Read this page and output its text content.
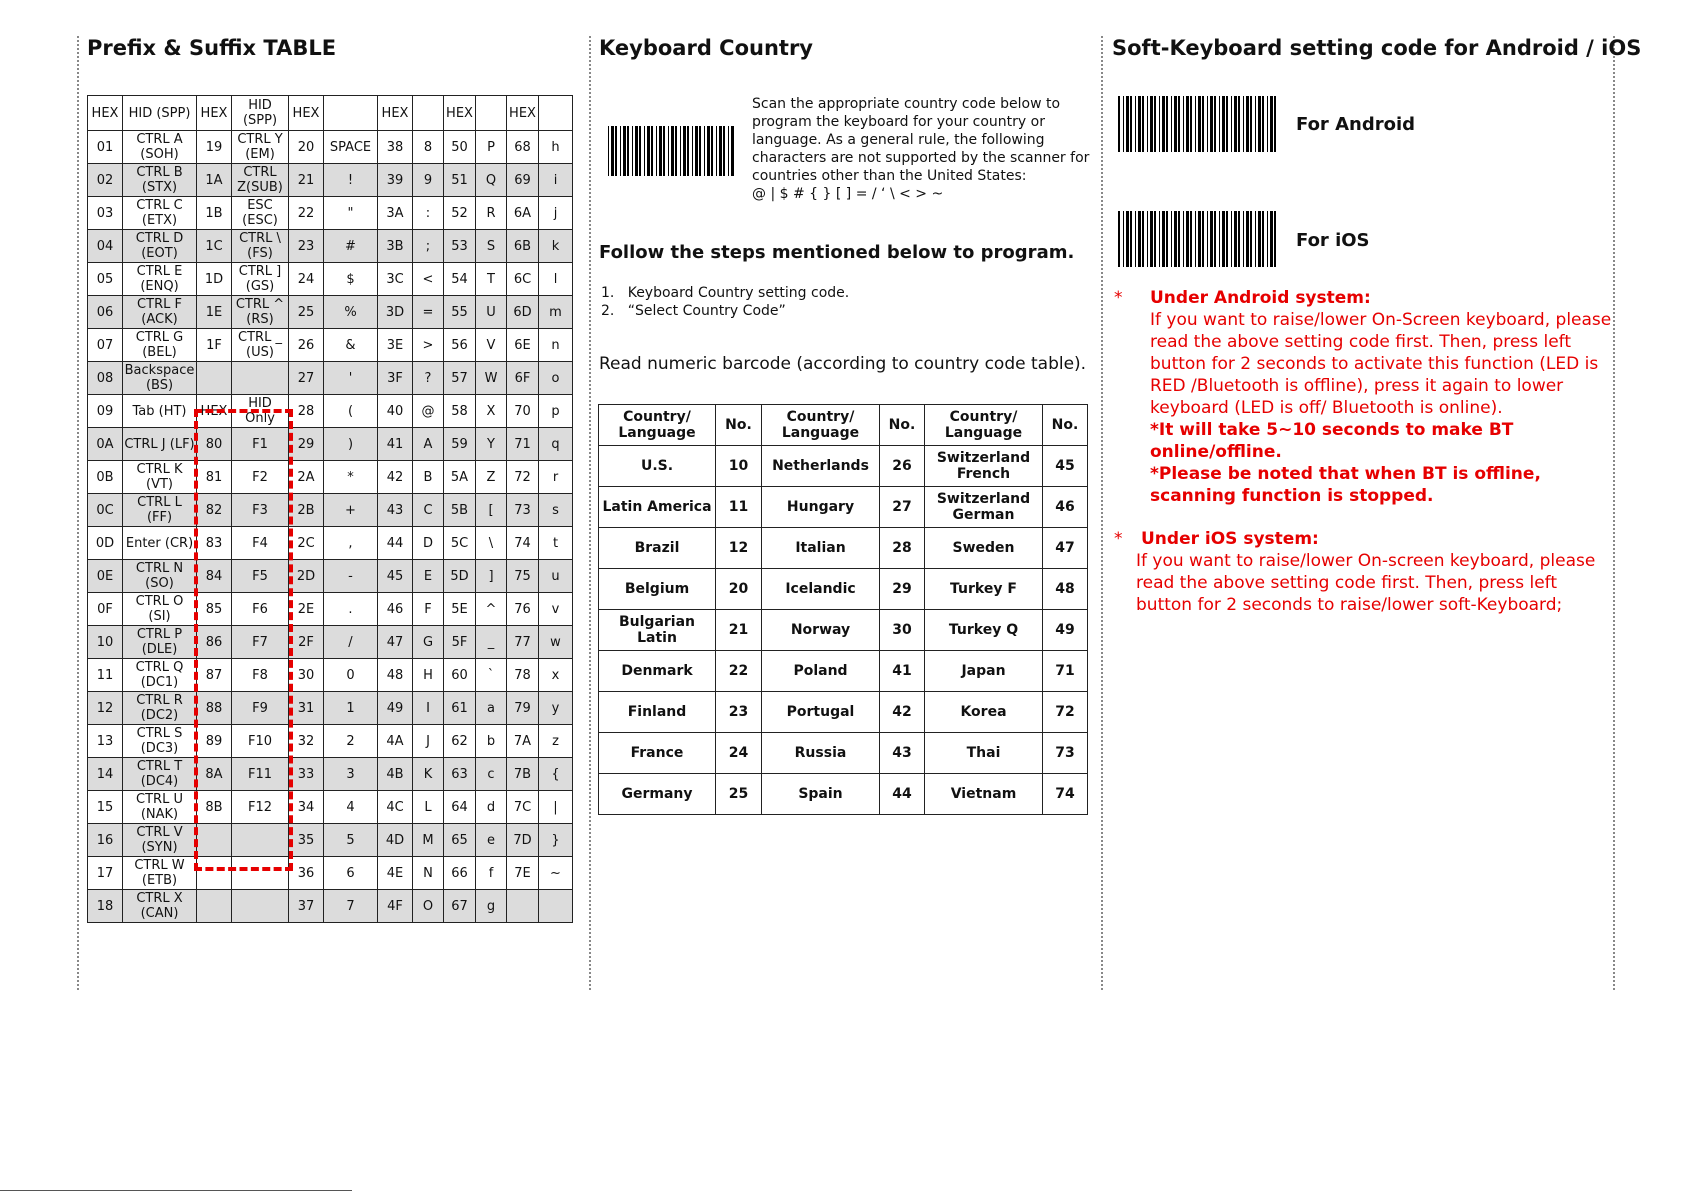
Prefix & Suffix TABLE
HEX	HID (SPP)	HEX	HID (SPP)	HEX		HEX		HEX		HEX	
01	CTRL A (SOH)	19	CTRL Y (EM)	20	SPACE	38	8	50	P	68	h
02	CTRL B (STX)	1A	CTRL Z(SUB)	21	!	39	9	51	Q	69	i
03	CTRL C (ETX)	1B	ESC (ESC)	22	"	3A	:	52	R	6A	j
04	CTRL D (EOT)	1C	CTRL \ (FS)	23	#	3B	;	53	S	6B	k
05	CTRL E (ENQ)	1D	CTRL ] (GS)	24	$	3C	<	54	T	6C	l
06	CTRL F (ACK)	1E	CTRL ^ (RS)	25	%	3D	=	55	U	6D	m
07	CTRL G (BEL)	1F	CTRL _ (US)	26	&	3E	>	56	V	6E	n
08	Backspace (BS)			27	'	3F	?	57	W	6F	o
09	Tab (HT)	HEX	HID Only	28	(	40	@	58	X	70	p
0A	CTRL J (LF)	80	F1	29	)	41	A	59	Y	71	q
0B	CTRL K (VT)	81	F2	2A	*	42	B	5A	Z	72	r
0C	CTRL L (FF)	82	F3	2B	+	43	C	5B	[	73	s
0D	Enter (CR)	83	F4	2C	,	44	D	5C	\	74	t
0E	CTRL N (SO)	84	F5	2D	-	45	E	5D	]	75	u
0F	CTRL O (SI)	85	F6	2E	.	46	F	5E	^	76	v
10	CTRL P (DLE)	86	F7	2F	/	47	G	5F	_	77	w
11	CTRL Q (DC1)	87	F8	30	0	48	H	60	`	78	x
12	CTRL R (DC2)	88	F9	31	1	49	I	61	a	79	y
13	CTRL S (DC3)	89	F10	32	2	4A	J	62	b	7A	z
14	CTRL T (DC4)	8A	F11	33	3	4B	K	63	c	7B	{
15	CTRL U (NAK)	8B	F12	34	4	4C	L	64	d	7C	|
16	CTRL V (SYN)			35	5	4D	M	65	e	7D	}
17	CTRL W (ETB)			36	6	4E	N	66	f	7E	~
18	CTRL X (CAN)			37	7	4F	O	67	g		
Keyboard Country
Scan the appropriate country code below to
program the keyboard for your country or
language. As a general rule, the following
characters are not supported by the scanner for
countries other than the United States:
@ | $ # { } [ ] = / ‘ \ < > ~
Follow the steps mentioned below to program.
1.   Keyboard Country setting code.
2.   “Select Country Code”
Read numeric barcode (according to country code table).
Country/ Language	No.	Country/ Language	No.	Country/ Language	No.
U.S.	10	Netherlands	26	Switzerland French	45
Latin America	11	Hungary	27	Switzerland German	46
Brazil	12	Italian	28	Sweden	47
Belgium	20	Icelandic	29	Turkey F	48
Bulgarian Latin	21	Norway	30	Turkey Q	49
Denmark	22	Poland	41	Japan	71
Finland	23	Portugal	42	Korea	72
France	24	Russia	43	Thai	73
Germany	25	Spain	44	Vietnam	74
Soft-Keyboard setting code for Android / iOS
For Android
For iOS
* Under Android system:
If you want to raise/lower On-Screen keyboard, please read the above setting code first. Then, press left button for 2 seconds to activate this function (LED is RED /Bluetooth is offline), press it again to lower keyboard (LED is off/ Bluetooth is online).
*It will take 5~10 seconds to make BT online/offline.
*Please be noted that when BT is offline, scanning function is stopped.
* Under iOS system:
If you want to raise/lower On-screen keyboard, please read the above setting code first. Then, press left button for 2 seconds to raise/lower soft-Keyboard;
